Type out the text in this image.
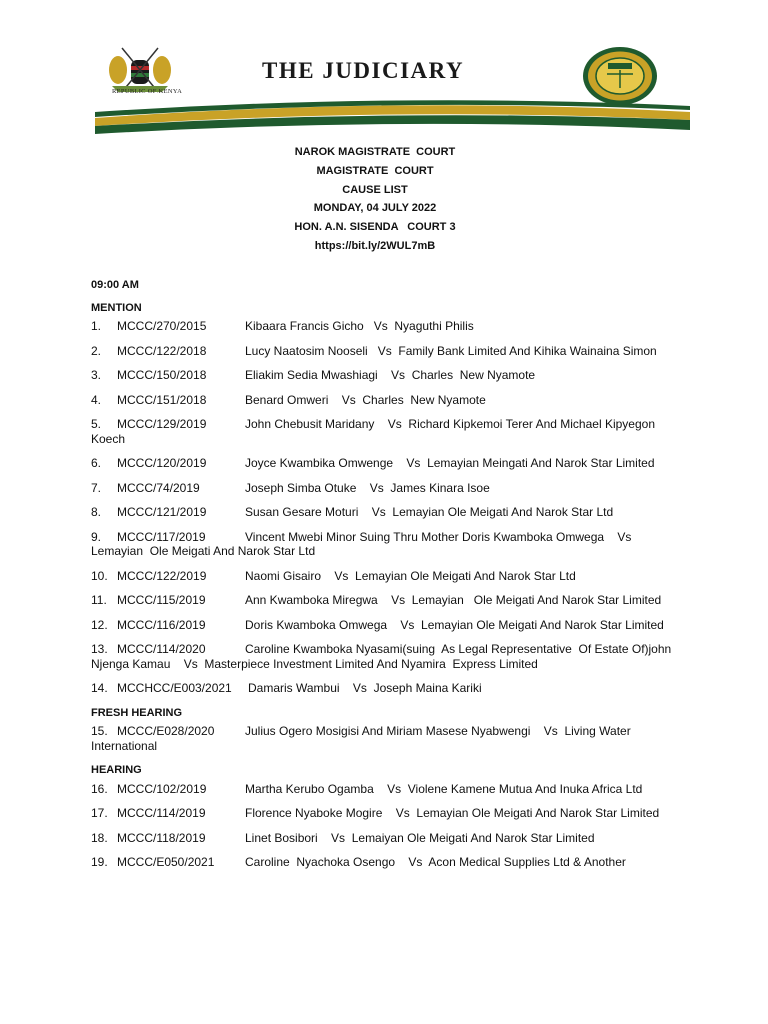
THE JUDICIARY
REPUBLIC OF KENYA
NAROK MAGISTRATE  COURT
MAGISTRATE  COURT
CAUSE LIST
MONDAY, 04 JULY 2022
HON. A.N. SISENDA   COURT 3
https://bit.ly/2WUL7mB
09:00 AM
MENTION
1. MCCC/270/2015	Kibaara Francis Gicho   Vs  Nyaguthi Philis
2. MCCC/122/2018	Lucy Naatosim Nooseli   Vs  Family Bank Limited And Kihika Wainaina Simon
3. MCCC/150/2018	Eliakim Sedia Mwashiagi    Vs  Charles  New Nyamote
4. MCCC/151/2018	Benard Omweri    Vs  Charles  New Nyamote
5. MCCC/129/2019	John Chebusit Maridany    Vs  Richard Kipkemoi Terer And Michael Kipyegon Koech
6. MCCC/120/2019	Joyce Kwambika Omwenge    Vs  Lemayian Meingati And Narok Star Limited
7. MCCC/74/2019	Joseph Simba Otuke    Vs  James Kinara Isoe
8. MCCC/121/2019	Susan Gesare Moturi    Vs  Lemayian Ole Meigati And Narok Star Ltd
9. MCCC/117/2019	Vincent Mwebi Minor Suing Thru Mother Doris Kwamboka Omwega    Vs Lemayian  Ole Meigati And Narok Star Ltd
10. MCCC/122/2019	Naomi Gisairo    Vs  Lemayian Ole Meigati And Narok Star Ltd
11. MCCC/115/2019	Ann Kwamboka Miregwa    Vs  Lemayian   Ole Meigati And Narok Star Limited
12. MCCC/116/2019	Doris Kwamboka Omwega    Vs  Lemayian Ole Meigati And Narok Star Limited
13. MCCC/114/2020	Caroline Kwamboka Nyasami(suing  As Legal Representative  Of Estate Of)john Njenga Kamau    Vs  Masterpiece Investment Limited And Nyamira  Express Limited
14. MCCHCC/E003/2021 Damaris Wambui    Vs  Joseph Maina Kariki
FRESH HEARING
15. MCCC/E028/2020	Julius Ogero Mosigisi And Miriam Masese Nyabwengi    Vs  Living Water International
HEARING
16. MCCC/102/2019	Martha Kerubo Ogamba    Vs  Violene Kamene Mutua And Inuka Africa Ltd
17. MCCC/114/2019	Florence Nyaboke Mogire    Vs  Lemayian Ole Meigati And Narok Star Limited
18. MCCC/118/2019	Linet Bosibori    Vs  Lemaiyan Ole Meigati And Narok Star Limited
19. MCCC/E050/2021	Caroline  Nyachoka Osengo    Vs  Acon Medical Supplies Ltd & Another
